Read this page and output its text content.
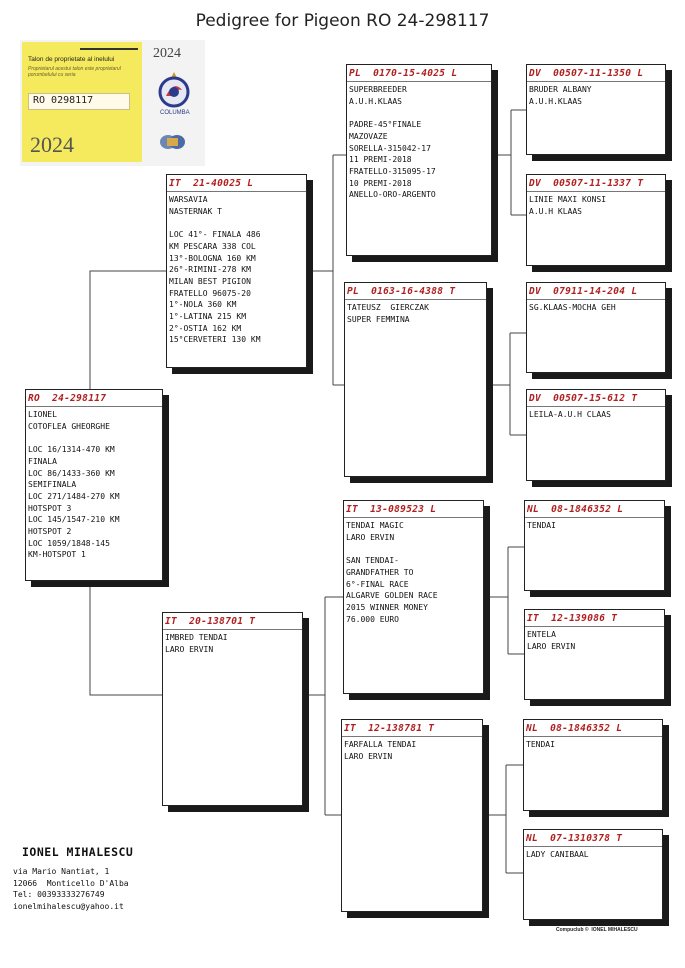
Pedigree for Pigeon RO 24-298117
Talon de proprietate al inelului
Proprietarul acestui talon este proprietarul porumbelului cu seria
RO 0298117
2024
2024
COLUMBA
RO  24-298117
LIONEL
COTOFLEA GHEORGHE

LOC 16/1314-470 KM
FINALA
LOC 86/1433-360 KM
SEMIFINALA
LOC 271/1484-270 KM
HOTSPOT 3
LOC 145/1547-210 KM
HOTSPOT 2
LOC 1059/1848-145
KM-HOTSPOT 1
IT  21-40025 L
WARSAVIA
NASTERNAK T

LOC 41°- FINALA 486
KM PESCARA 338 COL
13°-BOLOGNA 160 KM
26°-RIMINI-278 KM
MILAN BEST PIGION
FRATELLO 96075-20
1°-NOLA 360 KM
1°-LATINA 215 KM
2°-OSTIA 162 KM
15°CERVETERI 130 KM
IT  20-138701 T
IMBRED TENDAI
LARO ERVIN
PL  0170-15-4025 L
SUPERBREEDER
A.U.H.KLAAS

PADRE-45°FINALE
MAZOVAZE
SORELLA-315042-17
11 PREMI-2018
FRATELLO-315095-17
10 PREMI-2018
ANELLO-ORO-ARGENTO
PL  0163-16-4388 T
TATEUSZ  GIERCZAK
SUPER FEMMINA
IT  13-089523 L
TENDAI MAGIC
LARO ERVIN

SAN TENDAI-
GRANDFATHER TO
6°-FINAL RACE
ALGARVE GOLDEN RACE
2015 WINNER MONEY
76.000 EURO
IT  12-138781 T
FARFALLA TENDAI
LARO ERVIN
DV  00507-11-1350 L
BRUDER ALBANY
A.U.H.KLAAS
DV  00507-11-1337 T
LINIE MAXI KONSI
A.U.H KLAAS
DV  07911-14-204 L
SG.KLAAS-MOCHA GEH
DV  00507-15-612 T
LEILA-A.U.H CLAAS
NL  08-1846352 L
TENDAI
IT  12-139086 T
ENTELA
LARO ERVIN
NL  08-1846352 L
TENDAI
NL  07-1310378 T
LADY CANIBAAL
IONEL MIHALESCU
via Mario Nantiat, 1
12066  Monticello D'Alba
Tel: 00393333276749
ionelmihalescu@yahoo.it
Compuclub ©  IONEL MIHALESCU
